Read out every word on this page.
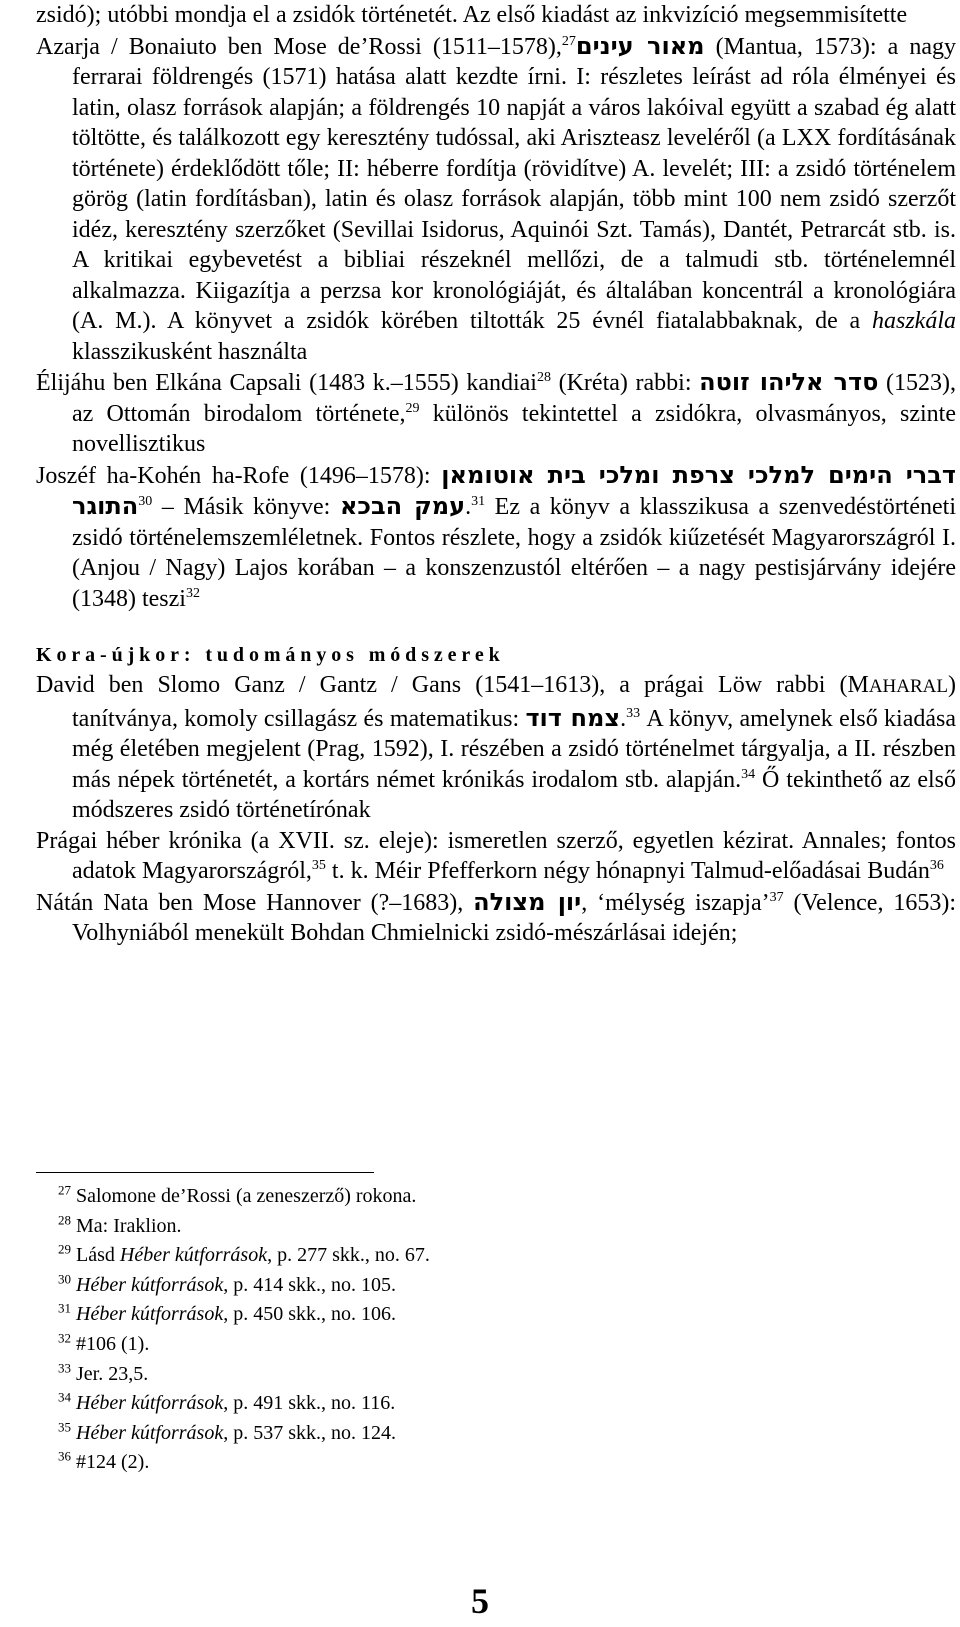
zsidó); utóbbi mondja el a zsidók történetét. Az első kiadást az inkvizíció megsemmisítette

Azarja / Bonaiuto ben Mose de’Rossi (1511–1578),$^{27}$מאור עינים (Mantua, 1573): a nagy ferrarai földrengés (1571) hatása alatt kezdte írni. I: részletes leírást ad róla élményei és latin, olasz források alapján; a földrengés 10 napját a város lakóival együtt a szabad ég alatt töltötte, és találkozott egy keresztény tudóssal, aki Ariszteasz leveléről (a LXX fordításának története) érdeklődött tőle; II: héberre fordítja (rövidítve) A. levelét; III: a zsidó történelem görög (latin fordításban), latin és olasz források alapján, több mint 100 nem zsidó szerzőt idéz, keresztény szerzőket (Sevillai Isidorus, Aquinói Szt. Tamás), Dantét, Petrarcát stb. is. A kritikai egybevetést a bibliai részeknél mellőzi, de a talmudi stb. történelemnél alkalmazza. Kiigazítja a perzsa kor kronológiáját, és általában koncentrál a kronológiára (A. M.). A könyvet a zsidók körében tiltották 25 évnél fiatalabbaknak, de a haszkála klasszikusként használta

Élijáhu ben Elkána Capsali (1483 k.–1555) kandiai$^{28}$ (Kréta) rabbi: סדר אליהו זוטה (1523), az Ottomán birodalom története,$^{29}$ különös tekintettel a zsidókra, olvasmányos, szinte novellisztikus

Joszéf ha-Kohén ha-Rofe (1496–1578): דברי הימים למלכי צרפת ומלכי בית אוטומאן התוגר$^{30}$ – Másik könyve: עמק הבכא.$^{31}$ Ez a könyv a klasszikusa a szenvedéstörténeti zsidó történelemszemléletnek. Fontos részlete, hogy a zsidók kiűzetését Magyarországról I. (Anjou / Nagy) Lajos korában – a konszenzustól eltérően – a nagy pestisjárvány idejére (1348) teszi$^{32}$

Kora-újkor: tudományos módszerek

David ben Slomo Ganz / Gantz / Gans (1541–1613), a prágai Löw rabbi (MAHARAL) tanítványa, komoly csillagász és matematikus: צמח דוד.$^{33}$ A könyv, amelynek első kiadása még életében megjelent (Prag, 1592), I. részében a zsidó történelmet tárgyalja, a II. részben más népek történetét, a kortárs német krónikás irodalom stb. alapján.$^{34}$ Ő tekinthető az első módszeres zsidó történetírónak

Prágai héber krónika (a XVII. sz. eleje): ismeretlen szerző, egyetlen kézirat. Annales; fontos adatok Magyarországról,$^{35}$ t. k. Méir Pfefferkorn négy hónapnyi Talmud-előadásai Budán$^{36}$

Nátán Nata ben Mose Hannover (?–1683), יון מצולה, ‘mélység iszapja’$^{37}$ (Velence, 1653): Volhyniából menekült Bohdan Chmielnicki zsidó-mészárlásai idején;

$^{27}$ Salomone de’Rossi (a zeneszerző) rokona.
$^{28}$ Ma: Iraklion.
$^{29}$ Lásd Héber kútforrások, p. 277 skk., no. 67.
$^{30}$ Héber kútforrások, p. 414 skk., no. 105.
$^{31}$ Héber kútforrások, p. 450 skk., no. 106.
$^{32}$ #106 (1).
$^{33}$ Jer. 23,5.
$^{34}$ Héber kútforrások, p. 491 skk., no. 116.
$^{35}$ Héber kútforrások, p. 537 skk., no. 124.
$^{36}$ #124 (2).
5
